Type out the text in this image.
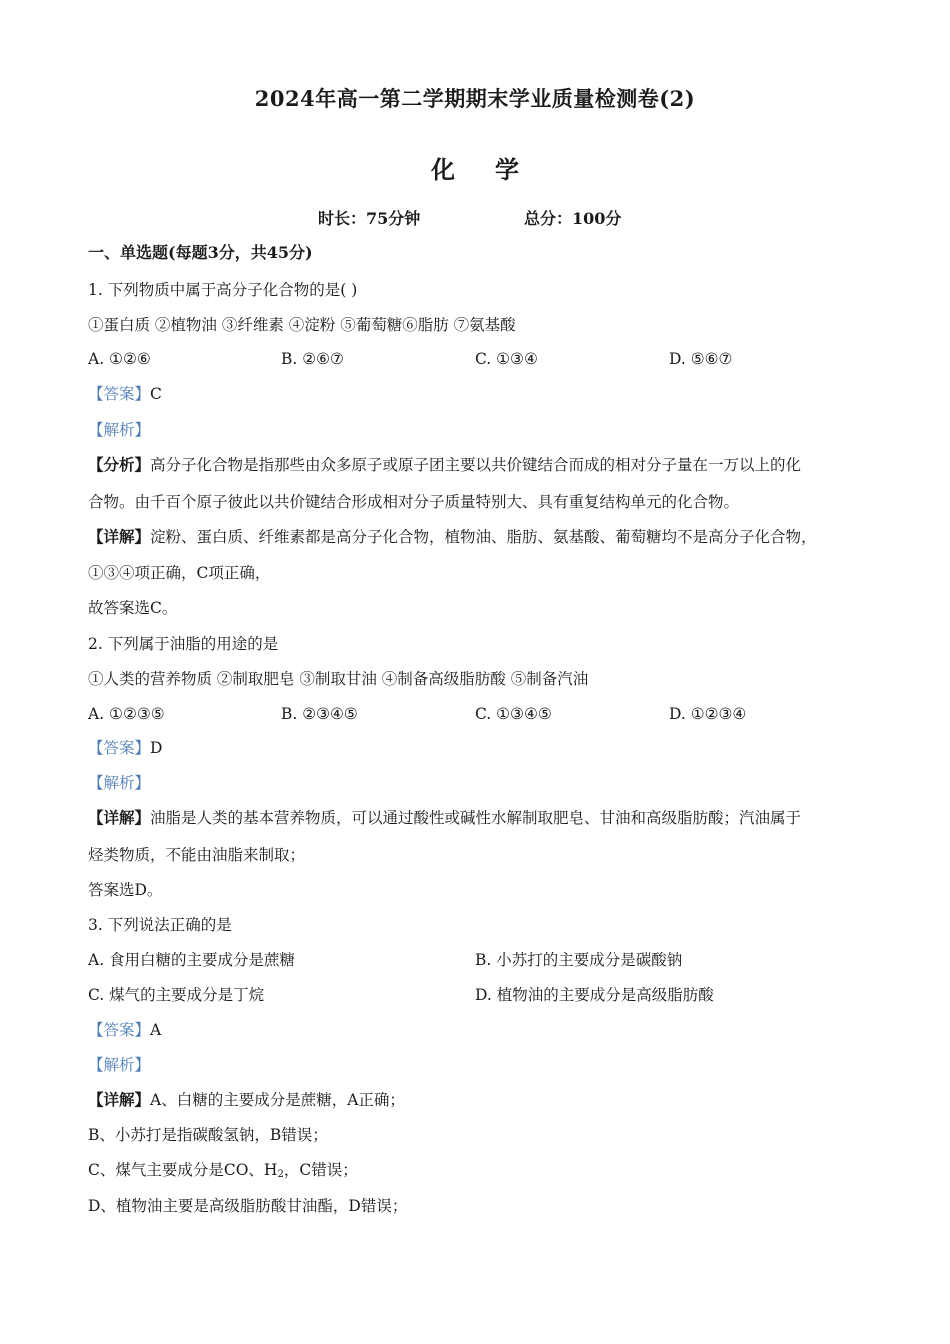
2024年高一第二学期期末学业质量检测卷(2)
化学
时长：75分钟	总分：100分
一、单选题(每题3分，共45分)
1. 下列物质中属于高分子化合物的是( )
①蛋白质 ②植物油 ③纤维素 ④淀粉 ⑤葡萄糖⑥脂肪 ⑦氨基酸
A. ①②⑥	B. ②⑥⑦	C. ①③④	D. ⑤⑥⑦
【答案】C
【解析】
【分析】高分子化合物是指那些由众多原子或原子团主要以共价键结合而成的相对分子量在一万以上的化
合物。由千百个原子彼此以共价键结合形成相对分子质量特别大、具有重复结构单元的化合物。
【详解】淀粉、蛋白质、纤维素都是高分子化合物，植物油、脂肪、氨基酸、葡萄糖均不是高分子化合物，
①③④项正确，C项正确，
故答案选C。
2. 下列属于油脂的用途的是
①人类的营养物质 ②制取肥皂 ③制取甘油 ④制备高级脂肪酸 ⑤制备汽油
A. ①②③⑤	B. ②③④⑤	C. ①③④⑤	D. ①②③④
【答案】D
【解析】
【详解】油脂是人类的基本营养物质，可以通过酸性或碱性水解制取肥皂、甘油和高级脂肪酸；汽油属于
烃类物质，不能由油脂来制取；
答案选D。
3. 下列说法正确的是
A. 食用白糖的主要成分是蔗糖	B. 小苏打的主要成分是碳酸钠
C. 煤气的主要成分是丁烷	D. 植物油的主要成分是高级脂肪酸
【答案】A
【解析】
【详解】A、白糖的主要成分是蔗糖，A正确；
B、小苏打是指碳酸氢钠，B错误；
C、煤气主要成分是CO、$H_2$，C错误；
D、植物油主要是高级脂肪酸甘油酯，D错误；
